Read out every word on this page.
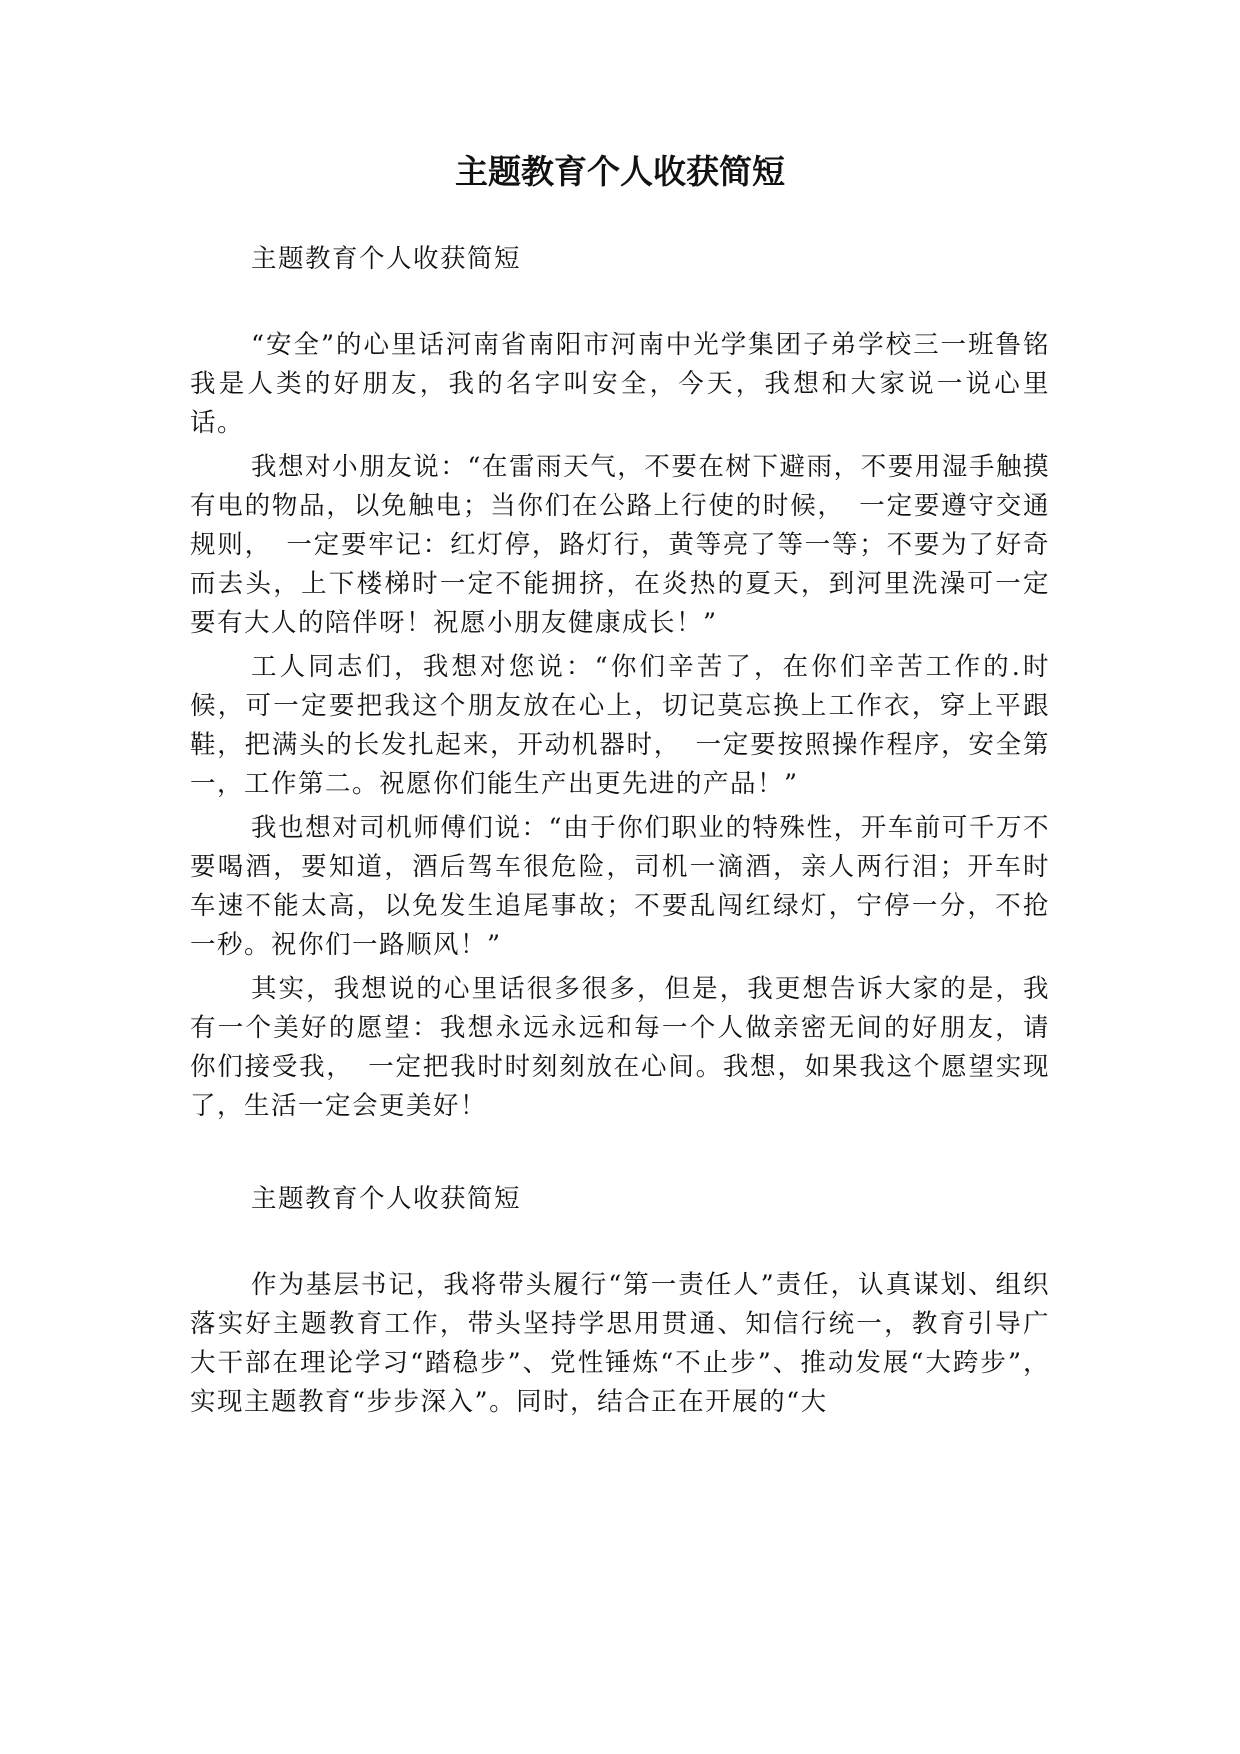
主题教育个人收获简短
主题教育个人收获简短

“安全”的心里话河南省南阳市河南中光学集团子弟学校三一班鲁铭我是人类的好朋友，我的名字叫安全，今天，我想和大家说一说心里话。

我想对小朋友说：“在雷雨天气，不要在树下避雨，不要用湿手触摸有电的物品，以免触电；当你们在公路上行使的时候，　一定要遵守交通规则，　一定要牢记：红灯停，路灯行，黄等亮了等一等；不要为了好奇而去头，上下楼梯时一定不能拥挤，在炎热的夏天，到河里洗澡可一定要有大人的陪伴呀！祝愿小朋友健康成长！”

工人同志们，我想对您说：“你们辛苦了，在你们辛苦工作的.时候，可一定要把我这个朋友放在心上，切记莫忘换上工作衣，穿上平跟鞋，把满头的长发扎起来，开动机器时，　一定要按照操作程序，安全第一，工作第二。祝愿你们能生产出更先进的产品！”

我也想对司机师傅们说：“由于你们职业的特殊性，开车前可千万不要喝酒，要知道，酒后驾车很危险，司机一滴酒，亲人两行泪；开车时车速不能太高，以免发生追尾事故；不要乱闯红绿灯，宁停一分，不抢一秒。祝你们一路顺风！”

其实，我想说的心里话很多很多，但是，我更想告诉大家的是，我有一个美好的愿望：我想永远永远和每一个人做亲密无间的好朋友，请你们接受我，　一定把我时时刻刻放在心间。我想，如果我这个愿望实现了，生活一定会更美好！

主题教育个人收获简短

作为基层书记，我将带头履行“第一责任人”责任，认真谋划、组织落实好主题教育工作，带头坚持学思用贯通、知信行统一，教育引导广大干部在理论学习“踏稳步”、党性锤炼“不止步”、推动发展“大跨步”，实现主题教育“步步深入”。同时，结合正在开展的“大
